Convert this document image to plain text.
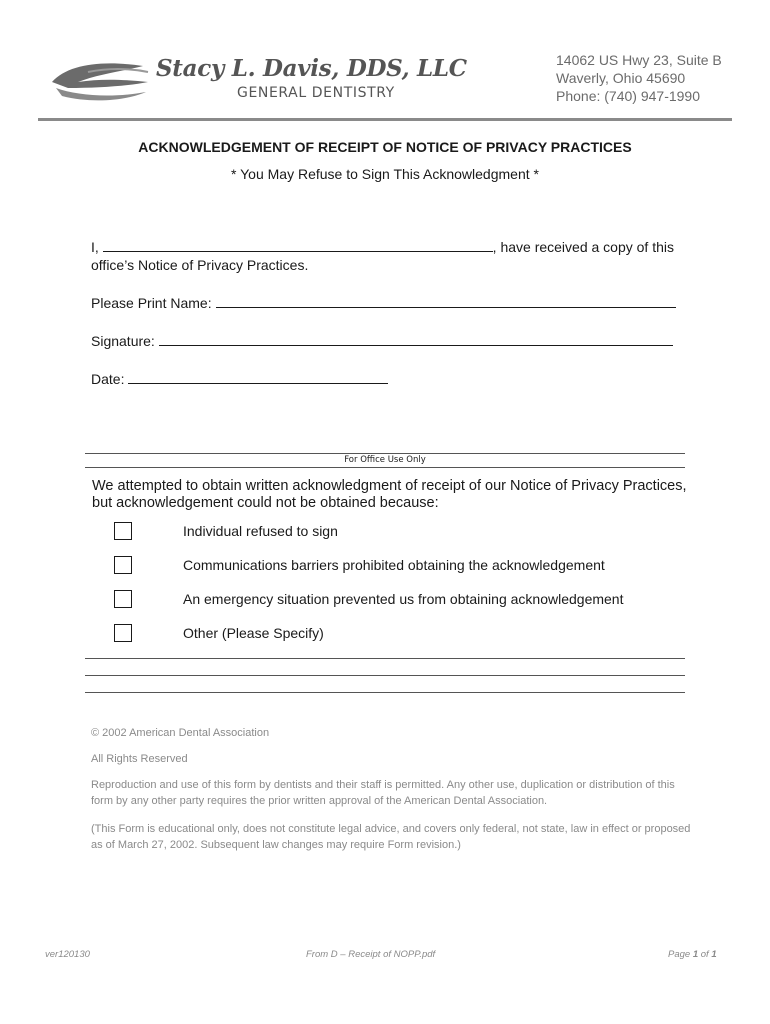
Stacy L. Davis, DDS, LLC
GENERAL DENTISTRY
14062 US Hwy 23, Suite B
Waverly, Ohio 45690
Phone: (740) 947-1990
ACKNOWLEDGEMENT OF RECEIPT OF NOTICE OF PRIVACY PRACTICES
* You May Refuse to Sign This Acknowledgment *
I,	, have received a copy of this
office’s Notice of Privacy Practices.
Please Print Name:
Signature:
Date:
For Office Use Only
We attempted to obtain written acknowledgment of receipt of our Notice of Privacy Practices,
but acknowledgement could not be obtained because:
Individual refused to sign
Communications barriers prohibited obtaining the acknowledgement
An emergency situation prevented us from obtaining acknowledgement
Other (Please Specify)
© 2002 American Dental Association
All Rights Reserved
Reproduction and use of this form by dentists and their staff is permitted. Any other use, duplication or distribution of this form by any other party requires the prior written approval of the American Dental Association.
(This Form is educational only, does not constitute legal advice, and covers only federal, not state, law in effect or proposed as of March 27, 2002. Subsequent law changes may require Form revision.)
ver120130	From D – Receipt of NOPP.pdf	Page 1 of 1
